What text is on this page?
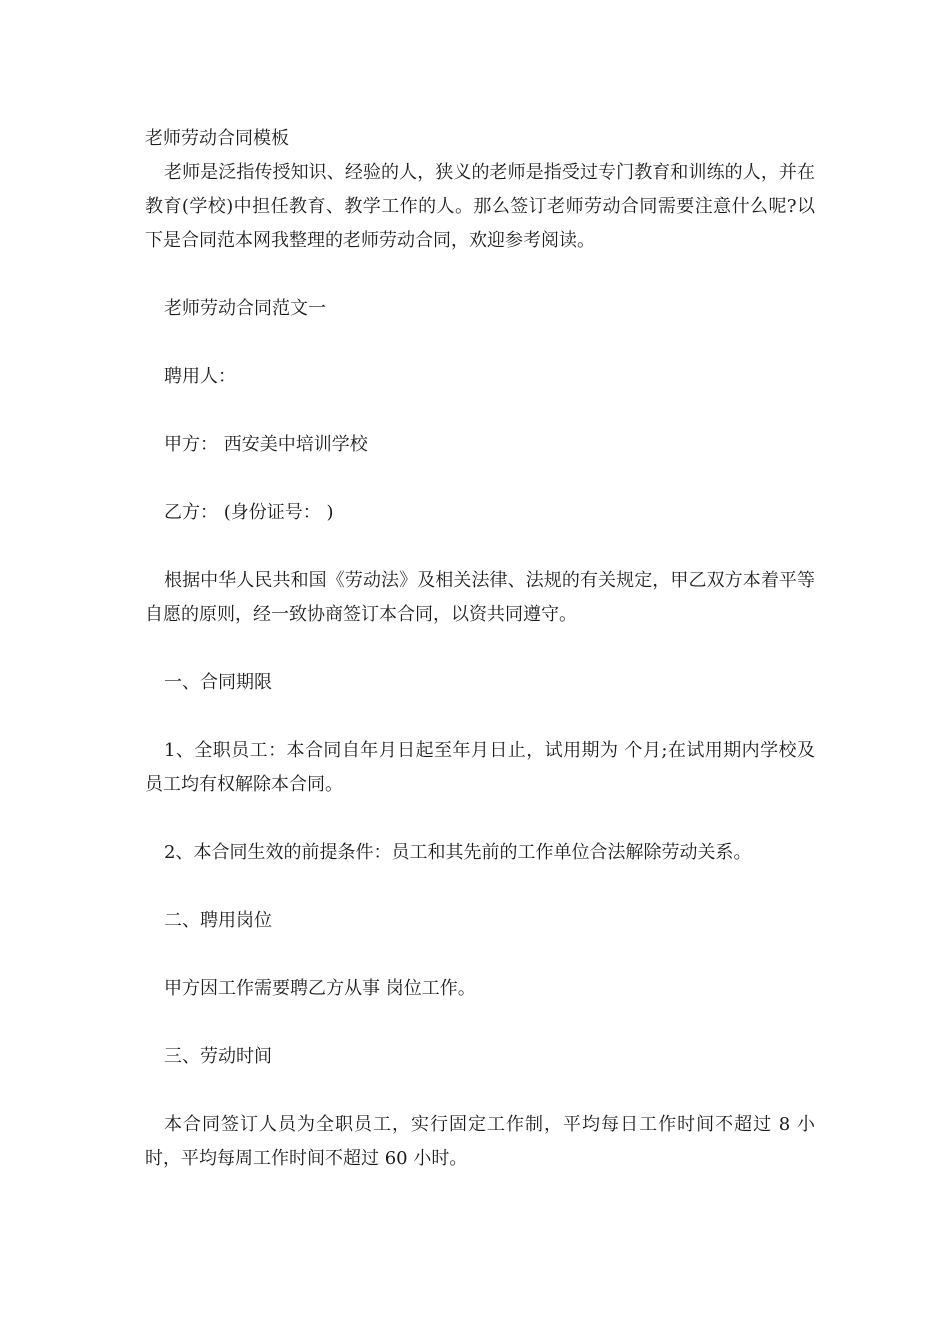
老师劳动合同模板

老师是泛指传授知识、经验的人，狭义的老师是指受过专门教育和训练的人，并在教育(学校)中担任教育、教学工作的人。那么签订老师劳动合同需要注意什么呢?以下是合同范本网我整理的老师劳动合同，欢迎参考阅读。

老师劳动合同范文一

聘用人：

甲方： 西安美中培训学校

乙方： (身份证号： )

根据中华人民共和国《劳动法》及相关法律、法规的有关规定，甲乙双方本着平等自愿的原则，经一致协商签订本合同，以资共同遵守。

一、合同期限

1、全职员工：本合同自年月日起至年月日止，试用期为 个月;在试用期内学校及员工均有权解除本合同。

2、本合同生效的前提条件：员工和其先前的工作单位合法解除劳动关系。

二、聘用岗位

甲方因工作需要聘乙方从事 岗位工作。

三、劳动时间

本合同签订人员为全职员工，实行固定工作制，平均每日工作时间不超过 8 小时，平均每周工作时间不超过 60 小时。
